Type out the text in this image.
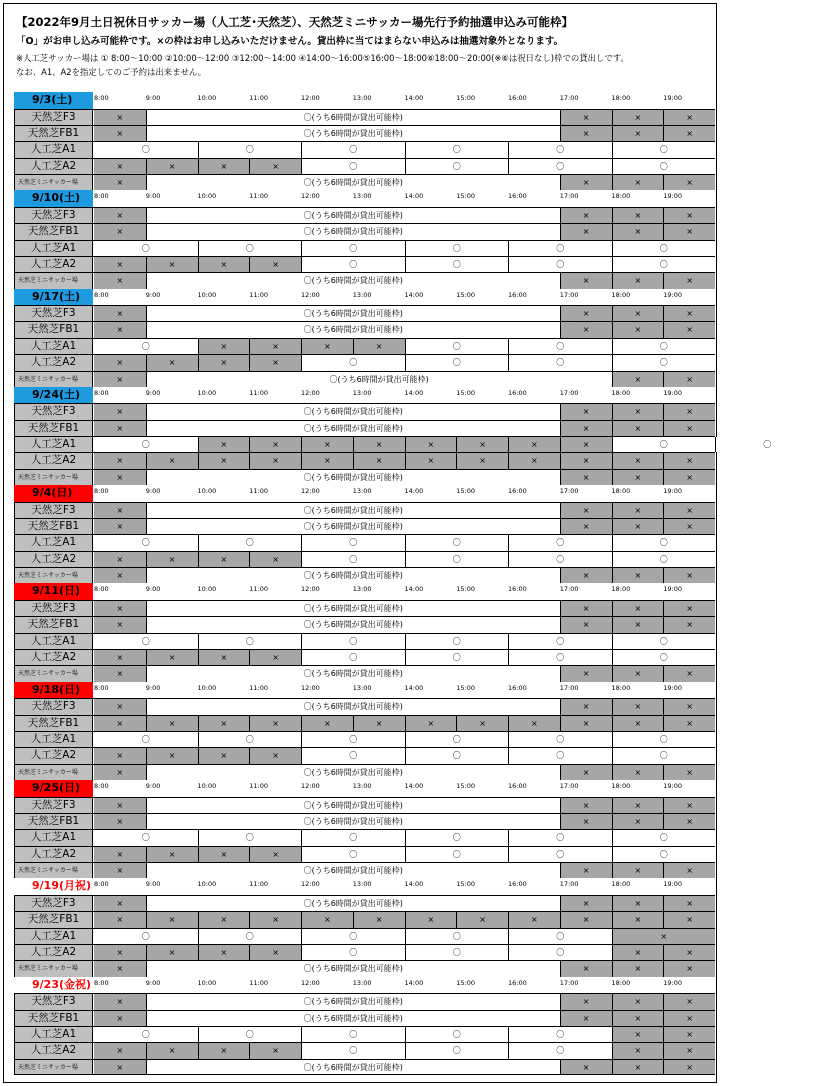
【2022年9月土日祝休日サッカー場（人工芝･天然芝）、天然芝ミニサッカー場先行予約抽選申込み可能枠】
「O」がお申し込み可能枠です。×の枠はお申し込みいただけません。貸出枠に当てはまらない申込みは抽選対象外となります。
※人工芝サッカー場は ① 8:00～10:00 ②10:00～12:00 ③12:00～14:00 ④14:00～16:00⑤16:00～18:00⑥18:00～20:00(※⑥は祝日なし)枠での貸出しです。
なお、A1、A2を指定してのご予約は出来ません。
9/3(土)	8:00	9:00	10:00	11:00	12:00	13:00	14:00	15:00	16:00	17:00	18:00	19:00
天然芝F3	×	〇(うち6時間が貸出可能枠)	×	×	×
天然芝FB1	×	〇(うち6時間が貸出可能枠)	×	×	×
人工芝A1	〇	〇	〇	〇	〇	〇
人工芝A2	×	×	×	×	〇	〇	〇	〇
天然芝ミニサッカー場	×	〇(うち6時間が貸出可能枠)	×	×	×
9/10(土)	8:00	9:00	10:00	11:00	12:00	13:00	14:00	15:00	16:00	17:00	18:00	19:00
天然芝F3	×	〇(うち6時間が貸出可能枠)	×	×	×
天然芝FB1	×	〇(うち6時間が貸出可能枠)	×	×	×
人工芝A1	〇	〇	〇	〇	〇	〇
人工芝A2	×	×	×	×	〇	〇	〇	〇
天然芝ミニサッカー場	×	〇(うち6時間が貸出可能枠)	×	×	×
9/17(土)	8:00	9:00	10:00	11:00	12:00	13:00	14:00	15:00	16:00	17:00	18:00	19:00
天然芝F3	×	〇(うち6時間が貸出可能枠)	×	×	×
天然芝FB1	×	〇(うち6時間が貸出可能枠)	×	×	×
人工芝A1	〇	×	×	×	×	〇	〇	〇
人工芝A2	×	×	×	×	〇	〇	〇	〇
天然芝ミニサッカー場	×	〇(うち6時間が貸出可能枠)	×	×
9/24(土)	8:00	9:00	10:00	11:00	12:00	13:00	14:00	15:00	16:00	17:00	18:00	19:00
天然芝F3	×	〇(うち6時間が貸出可能枠)	×	×	×
天然芝FB1	×	〇(うち6時間が貸出可能枠)	×	×	×
人工芝A1	〇	×	×	×	×	×	×	×	×	〇	〇
人工芝A2	×	×	×	×	×	×	×	×	×	×	×	×
天然芝ミニサッカー場	×	〇(うち6時間が貸出可能枠)	×	×	×
9/4(日)	8:00	9:00	10:00	11:00	12:00	13:00	14:00	15:00	16:00	17:00	18:00	19:00
天然芝F3	×	〇(うち6時間が貸出可能枠)	×	×	×
天然芝FB1	×	〇(うち6時間が貸出可能枠)	×	×	×
人工芝A1	〇	〇	〇	〇	〇	〇
人工芝A2	×	×	×	×	〇	〇	〇	〇
天然芝ミニサッカー場	×	〇(うち6時間が貸出可能枠)	×	×	×
9/11(日)	8:00	9:00	10:00	11:00	12:00	13:00	14:00	15:00	16:00	17:00	18:00	19:00
天然芝F3	×	〇(うち6時間が貸出可能枠)	×	×	×
天然芝FB1	×	〇(うち6時間が貸出可能枠)	×	×	×
人工芝A1	〇	〇	〇	〇	〇	〇
人工芝A2	×	×	×	×	〇	〇	〇	〇
天然芝ミニサッカー場	×	〇(うち6時間が貸出可能枠)	×	×	×
9/18(日)	8:00	9:00	10:00	11:00	12:00	13:00	14:00	15:00	16:00	17:00	18:00	19:00
天然芝F3	×	〇(うち6時間が貸出可能枠)	×	×	×
天然芝FB1	×	×	×	×	×	×	×	×	×	×	×	×
人工芝A1	〇	〇	〇	〇	〇	〇
人工芝A2	×	×	×	×	〇	〇	〇	〇
天然芝ミニサッカー場	×	〇(うち6時間が貸出可能枠)	×	×	×
9/25(日)	8:00	9:00	10:00	11:00	12:00	13:00	14:00	15:00	16:00	17:00	18:00	19:00
天然芝F3	×	〇(うち6時間が貸出可能枠)	×	×	×
天然芝FB1	×	〇(うち6時間が貸出可能枠)	×	×	×
人工芝A1	〇	〇	〇	〇	〇	〇
人工芝A2	×	×	×	×	〇	〇	〇	〇
天然芝ミニサッカー場	×	〇(うち6時間が貸出可能枠)	×	×	×
9/19(月祝) 8:00	9:00	10:00	11:00	12:00	13:00	14:00	15:00	16:00	17:00	18:00	19:00
天然芝F3	×	〇(うち6時間が貸出可能枠)	×	×	×
天然芝FB1	×	×	×	×	×	×	×	×	×	×	×	×
人工芝A1	〇	〇	〇	〇	〇	×
人工芝A2	×	×	×	×	〇	〇	〇	×	×
天然芝ミニサッカー場	×	〇(うち6時間が貸出可能枠)	×	×	×
9/23(金祝) 8:00	9:00	10:00	11:00	12:00	13:00	14:00	15:00	16:00	17:00	18:00	19:00
天然芝F3	×	〇(うち6時間が貸出可能枠)	×	×	×
天然芝FB1	×	〇(うち6時間が貸出可能枠)	×	×	×
人工芝A1	〇	〇	〇	〇	〇	×	×
人工芝A2	×	×	×	×	〇	〇	〇	×	×
天然芝ミニサッカー場	×	〇(うち6時間が貸出可能枠)	×	×	×
